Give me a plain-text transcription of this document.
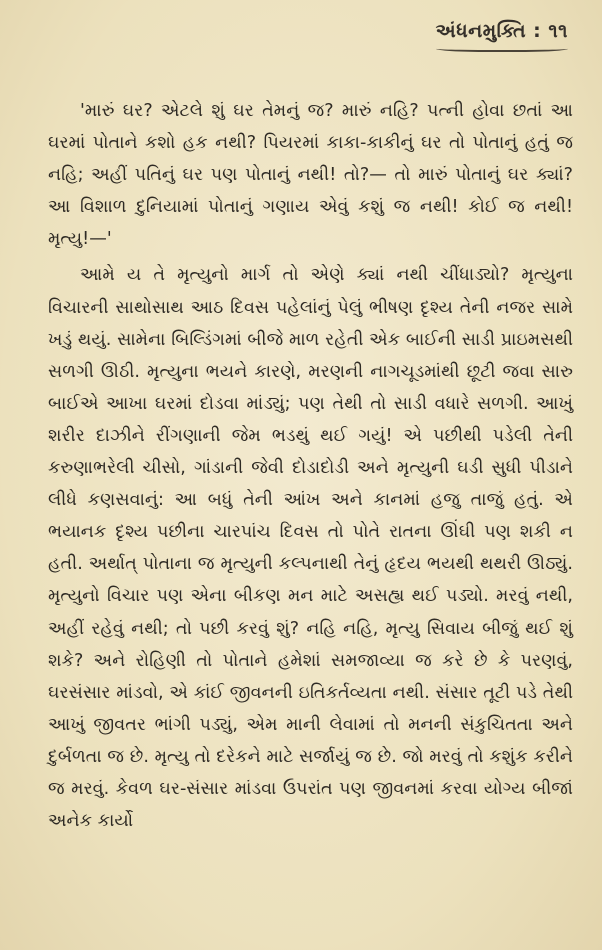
અંધનમુક્તિ : ૧૧

'મારું ઘર? એટલે શું ઘર તેમનું જ? મારું નહિ? પત્ની હોવા છતાં આ ઘરમાં પોતાને કશો હક નથી? પિયરમાં કાકા-કાકીનું ઘર તો પોતાનું હતું જ નહિ; અહીં પતિનું ઘર પણ પોતાનું નથી! તો?— તો મારું પોતાનું ઘર ક્યાં? આ વિશાળ દુનિયામાં પોતાનું ગણાય એવું કશું જ નથી! કોઈ જ નથી! મૃત્યુ!—'

આમે ય તે મૃત્યુનો માર્ગ તો એણે ક્યાં નથી ચીંધાડ્યો? મૃત્યુના વિચારની સાથોસાથ આઠ દિવસ પહેલાંનું પેલું ભીષણ દૃશ્ય તેની નજર સામે ખડું થયું. સામેના બિલ્ડિંગમાં બીજે માળ રહેતી એક બાઈની સાડી પ્રાઇમસથી સળગી ઊઠી. મૃત્યુના ભયને કારણે, મરણની નાગચૂડમાંથી છૂટી જવા સારુ બાઈએ આખા ઘરમાં દોડવા માંડ્યું; પણ તેથી તો સાડી વધારે સળગી. આખું શરીર દાઝીને રીંગણાની જેમ ભડથું થઈ ગયું! એ પછીથી પડેલી તેની કરુણાભરેલી ચીસો, ગાંડાની જેવી દોડાદોડી અને મૃત્યુની ઘડી સુધી પીડાને લીધે કણસવાનું: આ બધું તેની આંખ અને કાનમાં હજુ તાજું હતું. એ ભયાનક દૃશ્ય પછીના ચારપાંચ દિવસ તો પોતે રાતના ઊંઘી પણ શકી ન હતી. અર્થાત્ પોતાના જ મૃત્યુની કલ્પનાથી તેનું હૃદય ભયથી થથરી ઊઠ્યું. મૃત્યુનો વિચાર પણ એના બીકણ મન માટે અસહ્ય થઈ પડ્યો. મરવું નથી, અહીં રહેવું નથી; તો પછી કરવું શું? નહિ નહિ, મૃત્યુ સિવાય બીજું થઈ શું શકે? અને રોહિણી તો પોતાને હમેશાં સમજાવ્યા જ કરે છે કે પરણવું, ઘરસંસાર માંડવો, એ કાંઈ જીવનની ઇતિકર્તવ્યતા નથી. સંસાર તૂટી પડે તેથી આખું જીવતર ભાંગી પડ્યું, એમ માની લેવામાં તો મનની સંકુચિતતા અને દુર્બળતા જ છે. મૃત્યુ તો દરેકને માટે સર્જાયું જ છે. જો મરવું તો કશુંક કરીને જ મરવું. કેવળ ઘર-સંસાર માંડવા ઉપરાંત પણ જીવનમાં કરવા યોગ્ય બીજાં અનેક કાર્યો
